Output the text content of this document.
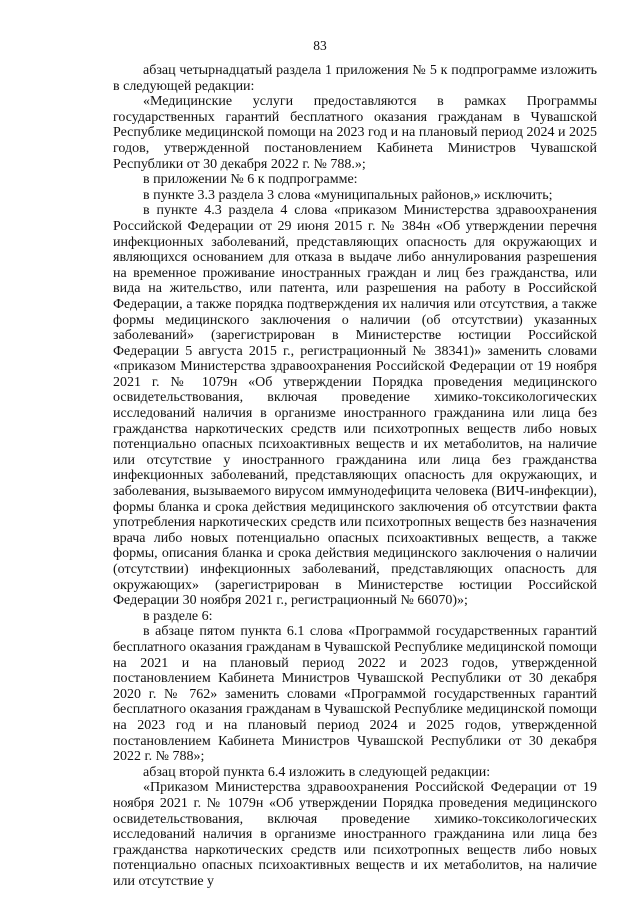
83

абзац четырнадцатый раздела 1 приложения № 5 к подпрограмме изложить в следующей редакции:

«Медицинские услуги предоставляются в рамках Программы государственных гарантий бесплатного оказания гражданам в Чувашской Республике медицинской помощи на 2023 год и на плановый период 2024 и 2025 годов, утвержденной постановлением Кабинета Министров Чувашской Республики от 30 декабря 2022 г. № 788.»;

в приложении № 6 к подпрограмме:

в пункте 3.3 раздела 3 слова «муниципальных районов,» исключить;

в пункте 4.3 раздела 4 слова «приказом Министерства здравоохранения Российской Федерации от 29 июня 2015 г. № 384н «Об утверждении перечня инфекционных заболеваний, представляющих опасность для окружающих и являющихся основанием для отказа в выдаче либо аннулирования разрешения на временное проживание иностранных граждан и лиц без гражданства, или вида на жительство, или патента, или разрешения на работу в Российской Федерации, а также порядка подтверждения их наличия или отсутствия, а также формы медицинского заключения о наличии (об отсутствии) указанных заболеваний» (зарегистрирован в Министерстве юстиции Российской Федерации 5 августа 2015 г., регистрационный № 38341)» заменить словами «приказом Министерства здравоохранения Российской Федерации от 19 ноября 2021 г. № 1079н «Об утверждении Порядка проведения медицинского освидетельствования, включая проведение химико-токсикологических исследований наличия в организме иностранного гражданина или лица без гражданства наркотических средств или психотропных веществ либо новых потенциально опасных психоактивных веществ и их метаболитов, на наличие или отсутствие у иностранного гражданина или лица без гражданства инфекционных заболеваний, представляющих опасность для окружающих, и заболевания, вызываемого вирусом иммунодефицита человека (ВИЧ-инфекции), формы бланка и срока действия медицинского заключения об отсутствии факта употребления наркотических средств или психотропных веществ без назначения врача либо новых потенциально опасных психоактивных веществ, а также формы, описания бланка и срока действия медицинского заключения о наличии (отсутствии) инфекционных заболеваний, представляющих опасность для окружающих» (зарегистрирован в Министерстве юстиции Российской Федерации 30 ноября 2021 г., регистрационный № 66070)»;

в разделе 6:

в абзаце пятом пункта 6.1 слова «Программой государственных гарантий бесплатного оказания гражданам в Чувашской Республике медицинской помощи на 2021 и на плановый период 2022 и 2023 годов, утвержденной постановлением Кабинета Министров Чувашской Республики от 30 декабря 2020 г. № 762» заменить словами «Программой государственных гарантий бесплатного оказания гражданам в Чувашской Республике медицинской помощи на 2023 год и на плановый период 2024 и 2025 годов, утвержденной постановлением Кабинета Министров Чувашской Республики от 30 декабря 2022 г. № 788»;

абзац второй пункта 6.4 изложить в следующей редакции:

«Приказом Министерства здравоохранения Российской Федерации от 19 ноября 2021 г. № 1079н «Об утверждении Порядка проведения медицинского освидетельствования, включая проведение химико-токсикологических исследований наличия в организме иностранного гражданина или лица без гражданства наркотических средств или психотропных веществ либо новых потенциально опасных психоактивных веществ и их метаболитов, на наличие или отсутствие у
